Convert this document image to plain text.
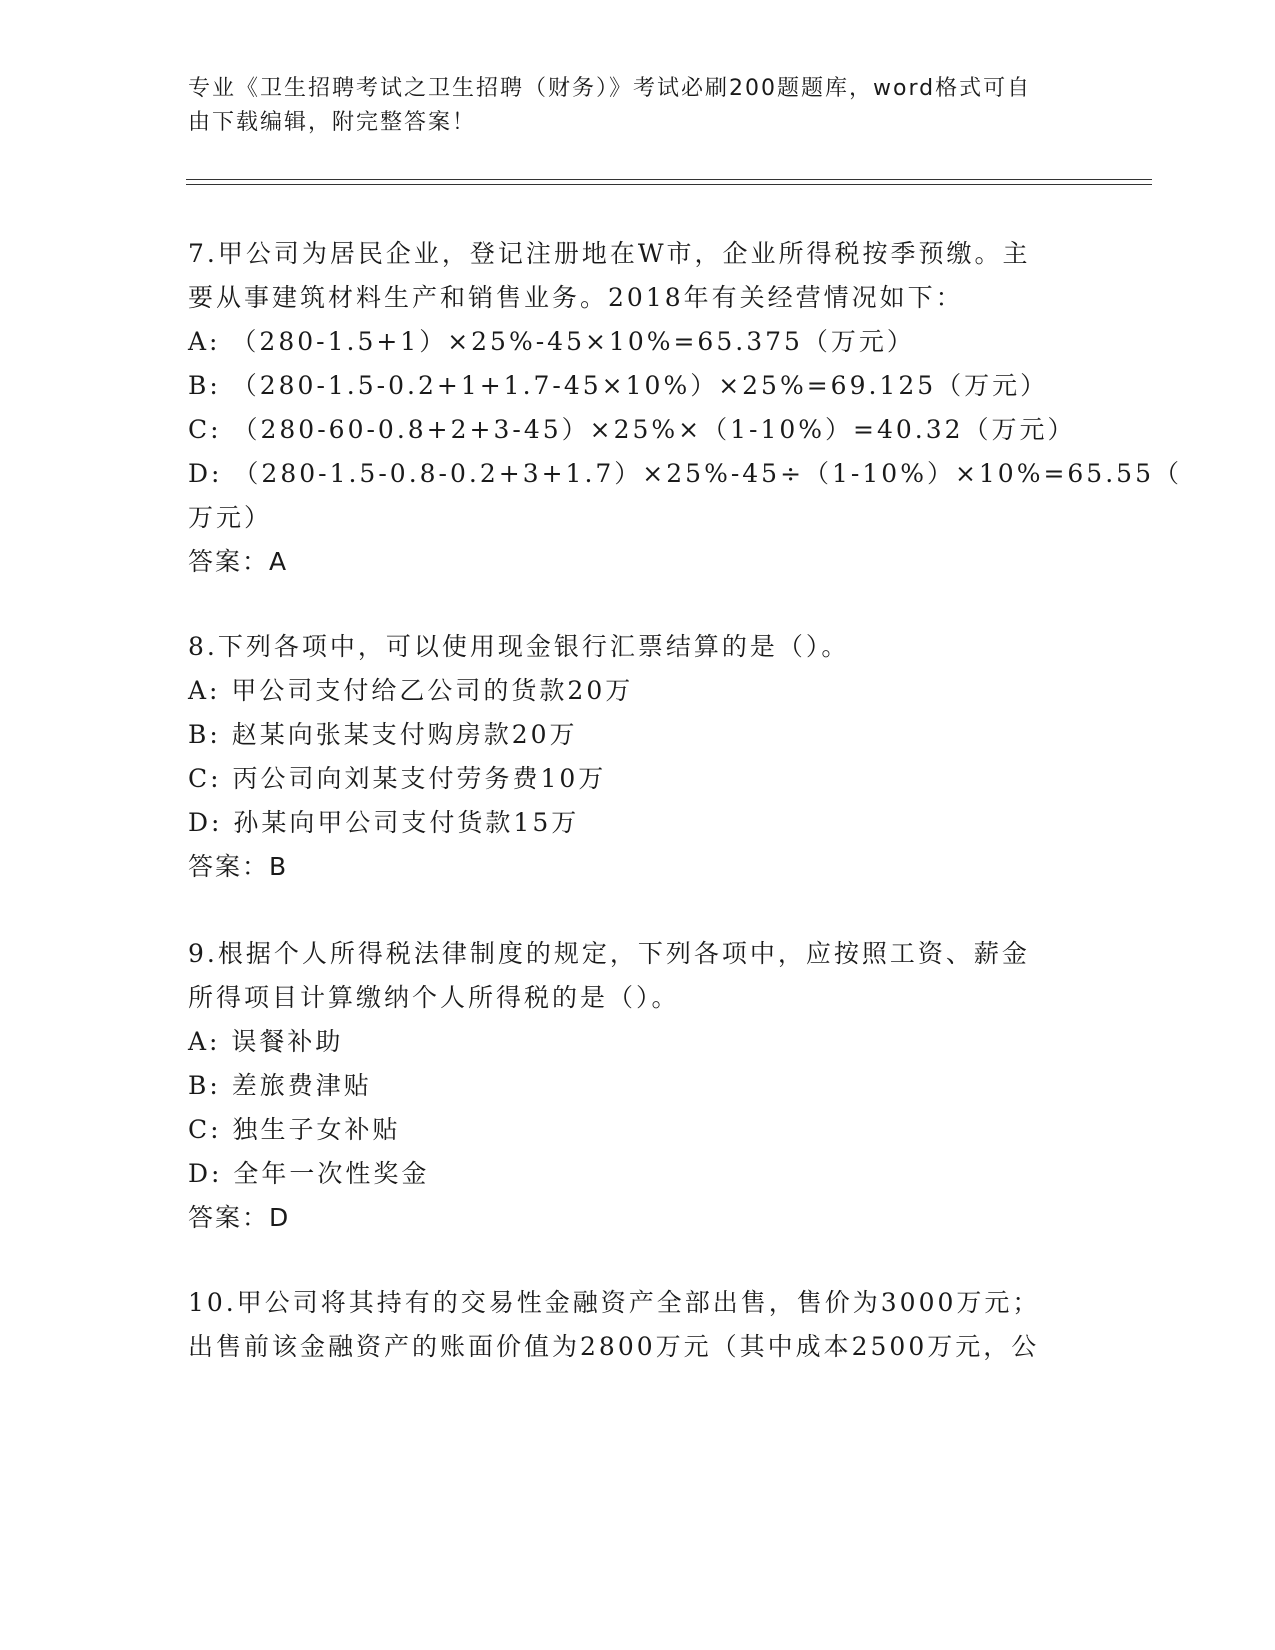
专业《卫生招聘考试之卫生招聘（财务）》考试必刷200题题库，word格式可自
由下载编辑，附完整答案！
7.甲公司为居民企业，登记注册地在W市，企业所得税按季预缴。主
要从事建筑材料生产和销售业务。2018年有关经营情况如下：
A: （280-1.5+1）×25%-45×10%=65.375（万元）
B: （280-1.5-0.2+1+1.7-45×10%）×25%=69.125（万元）
C: （280-60-0.8+2+3-45）×25%×（1-10%）=40.32（万元）
D: （280-1.5-0.8-0.2+3+1.7）×25%-45÷（1-10%）×10%=65.55（
万元）
答案：A
8.下列各项中，可以使用现金银行汇票结算的是（）。
A: 甲公司支付给乙公司的货款20万
B: 赵某向张某支付购房款20万
C: 丙公司向刘某支付劳务费10万
D: 孙某向甲公司支付货款15万
答案：B
9.根据个人所得税法律制度的规定，下列各项中，应按照工资、薪金
所得项目计算缴纳个人所得税的是（）。
A: 误餐补助
B: 差旅费津贴
C: 独生子女补贴
D: 全年一次性奖金
答案：D
10.甲公司将其持有的交易性金融资产全部出售，售价为3000万元；
出售前该金融资产的账面价值为2800万元（其中成本2500万元，公
